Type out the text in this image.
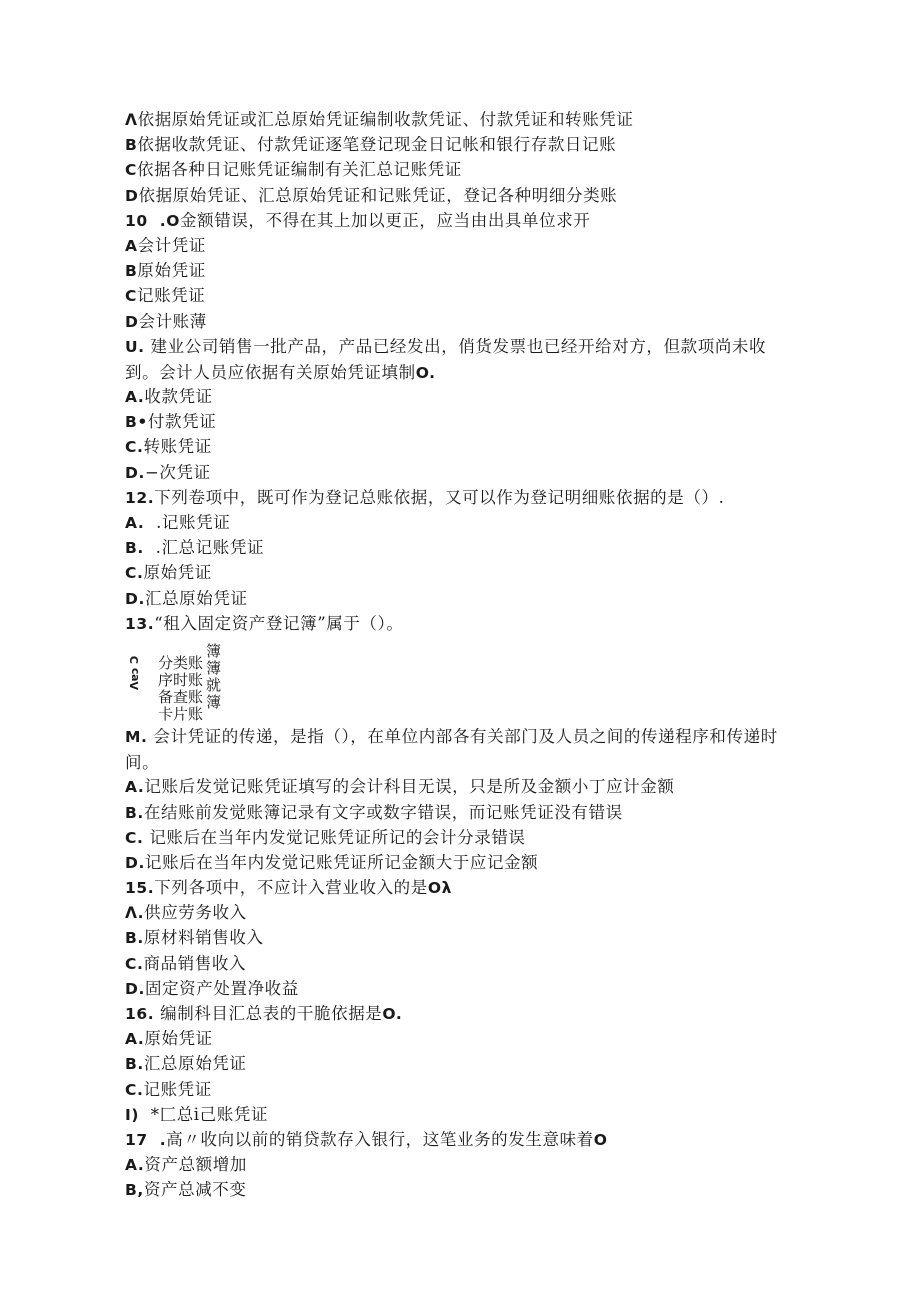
Λ依据原始凭证或汇总原始凭证编制收款凭证、付款凭证和转账凭证
B依据收款凭证、付款凭证逐笔登记现金日记帐和银行存款日记账
C依据各种日记账凭证编制有关汇总记账凭证
D依据原始凭证、汇总原始凭证和记账凭证，登记各种明细分类账
10  .O金额错误，不得在其上加以更正，应当由出具单位求开
A会计凭证
B原始凭证
C记账凭证
D会计账薄
U. 建业公司销售一批产品，产品已经发出，俏货发票也已经开给对方，但款项尚未收到。会计人员应依据有关原始凭证填制O.
A.收款凭证
B•付款凭证
C.转账凭证
D.−次凭证
12.下列卷项中，既可作为登记总账依据，又可以作为登记明细账依据的是（）.
A.  .记账凭证
B.  .汇总记账凭证
C.原始凭证
D.汇总原始凭证
13.“租入固定资产登记簿”属于（）。
Ʌɐɔ Ɔ 分类账
序时账
备查账
卡片账
簿
簿
就
簿
M. 会计凭证的传递，是指（），在单位内部各有关部门及人员之间的传递程序和传递时间。
A.记账后发觉记账凭证填写的会计科目无误，只是所及金额小丁应计金额
B.在结账前发觉账簿记录有文字或数字错误，而记账凭证没有错误
C. 记账后在当年内发觉记账凭证所记的会计分录错误
D.记账后在当年内发觉记账凭证所记金额大于应记金额
15.下列各项中，不应计入营业收入的是Oλ
Λ.供应劳务收入
B.原材料销售收入
C.商品销售收入
D.固定资产处置净收益
16. 编制科目汇总表的干脆依据是O.
A.原始凭证
B.汇总原始凭证
C.记账凭证
I)  *匚总i己账凭证
17  .高〃收向以前的销贷款存入银行，这笔业务的发生意味着O
A.资产总额增加
B,资产总减不变
